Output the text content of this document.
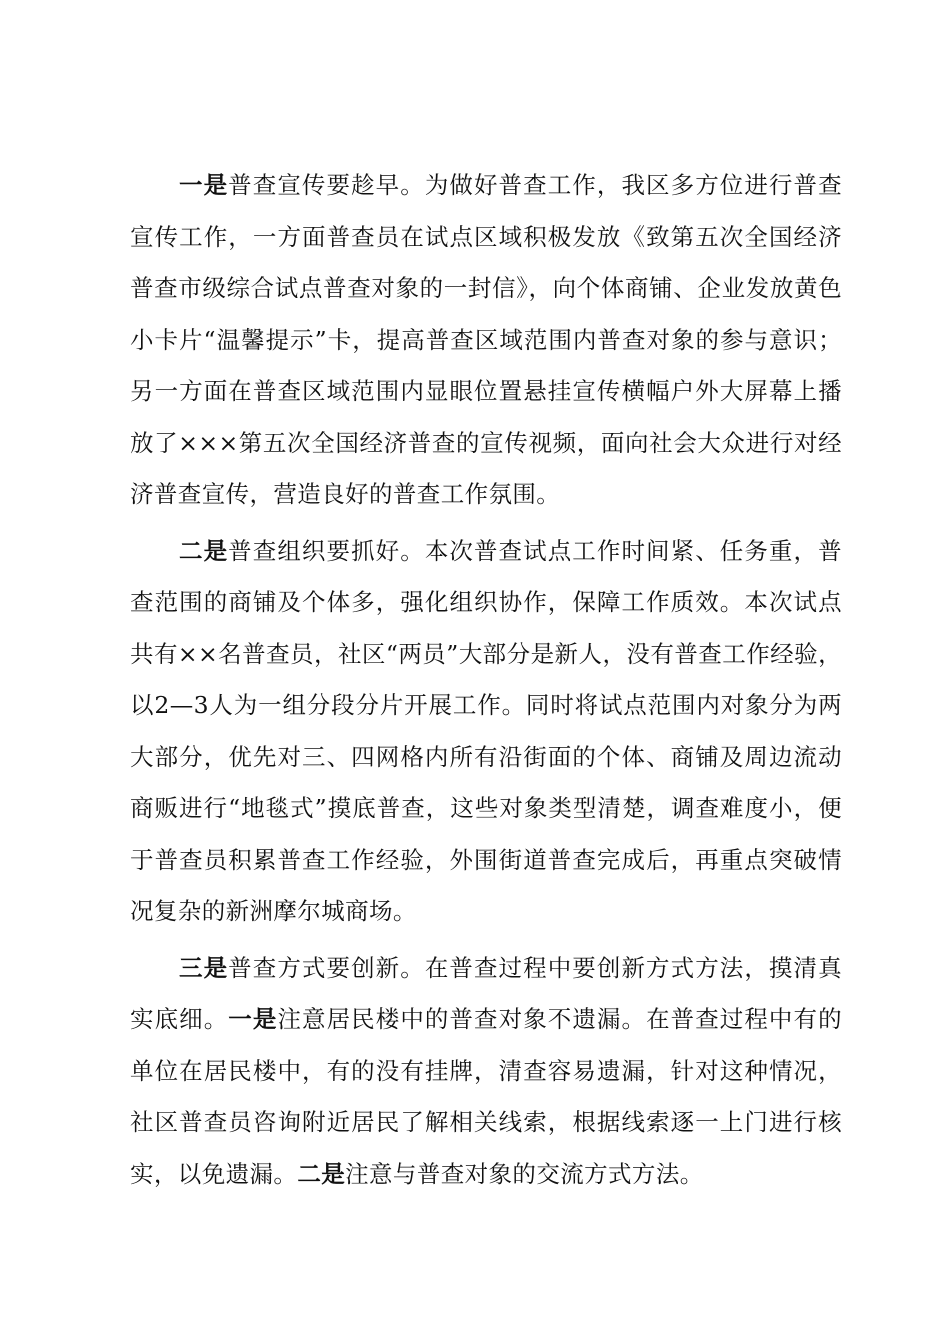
一是普查宣传要趁早。为做好普查工作，我区多方位进行普查宣传工作，一方面普查员在试点区域积极发放《致第五次全国经济普查市级综合试点普查对象的一封信》，向个体商铺、企业发放黄色小卡片“温馨提示”卡，提高普查区域范围内普查对象的参与意识；另一方面在普查区域范围内显眼位置悬挂宣传横幅户外大屏幕上播放了×××第五次全国经济普查的宣传视频，面向社会大众进行对经济普查宣传，营造良好的普查工作氛围。

二是普查组织要抓好。本次普查试点工作时间紧、任务重，普查范围的商铺及个体多，强化组织协作，保障工作质效。本次试点共有××名普查员，社区“两员”大部分是新人，没有普查工作经验，以2—3人为一组分段分片开展工作。同时将试点范围内对象分为两大部分，优先对三、四网格内所有沿街面的个体、商铺及周边流动商贩进行“地毯式”摸底普查，这些对象类型清楚，调查难度小，便于普查员积累普查工作经验，外围街道普查完成后，再重点突破情况复杂的新洲摩尔城商场。

三是普查方式要创新。在普查过程中要创新方式方法，摸清真实底细。一是注意居民楼中的普查对象不遗漏。在普查过程中有的单位在居民楼中，有的没有挂牌，清查容易遗漏，针对这种情况，社区普查员咨询附近居民了解相关线索，根据线索逐一上门进行核实，以免遗漏。二是注意与普查对象的交流方式方法。
